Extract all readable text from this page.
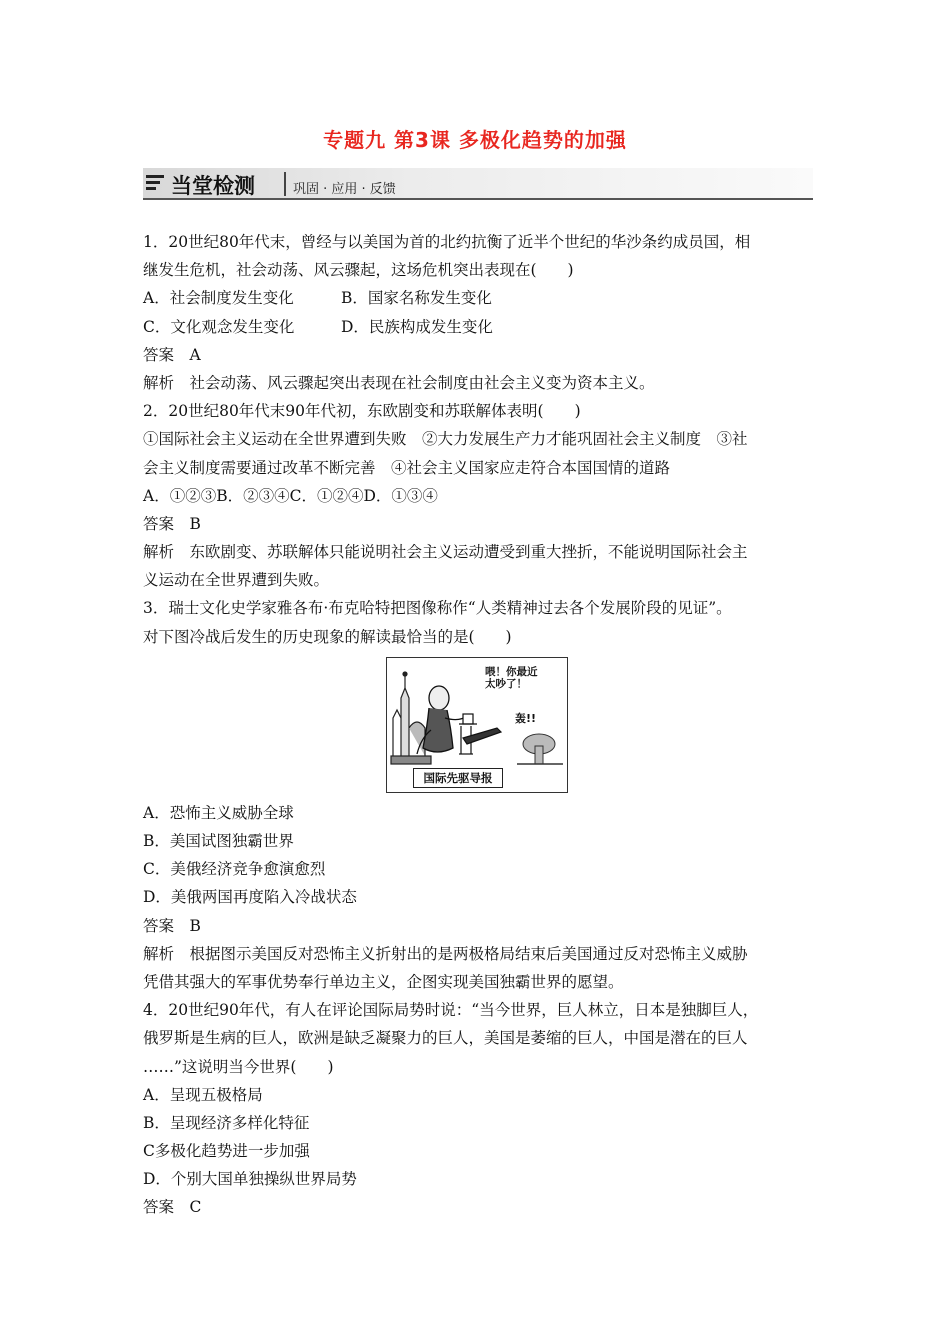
专题九 第3课 多极化趋势的加强
当堂检测	巩固 · 应用 · 反馈
1．20世纪80年代末，曾经与以美国为首的北约抗衡了近半个世纪的华沙条约成员国，相
继发生危机，社会动荡、风云骤起，这场危机突出表现在(　　)
A．社会制度发生变化	B．国家名称发生变化
C．文化观念发生变化	D．民族构成发生变化
答案　A
解析　社会动荡、风云骤起突出表现在社会制度由社会主义变为资本主义。
2．20世纪80年代末90年代初，东欧剧变和苏联解体表明(　　)
①国际社会主义运动在全世界遭到失败　②大力发展生产力才能巩固社会主义制度　③社
会主义制度需要通过改革不断完善　④社会主义国家应走符合本国国情的道路
A．①②③B．②③④C．①②④D．①③④
答案　B
解析　东欧剧变、苏联解体只能说明社会主义运动遭受到重大挫折，不能说明国际社会主
义运动在全世界遭到失败。
3．瑞士文化史学家雅各布·布克哈特把图像称作“人类精神过去各个发展阶段的见证”。
对下图冷战后发生的历史现象的解读最恰当的是(　　)
喂！你最近
太吵了！
轰!!
国际先驱导报
A．恐怖主义威胁全球
B．美国试图独霸世界
C．美俄经济竞争愈演愈烈
D．美俄两国再度陷入冷战状态
答案　B
解析　根据图示美国反对恐怖主义折射出的是两极格局结束后美国通过反对恐怖主义威胁
凭借其强大的军事优势奉行单边主义，企图实现美国独霸世界的愿望。
4．20世纪90年代，有人在评论国际局势时说：“当今世界，巨人林立，日本是独脚巨人，
俄罗斯是生病的巨人，欧洲是缺乏凝聚力的巨人，美国是萎缩的巨人，中国是潜在的巨人
……”这说明当今世界(　　)
A．呈现五极格局
B．呈现经济多样化特征
C多极化趋势进一步加强
D．个别大国单独操纵世界局势
答案　C
